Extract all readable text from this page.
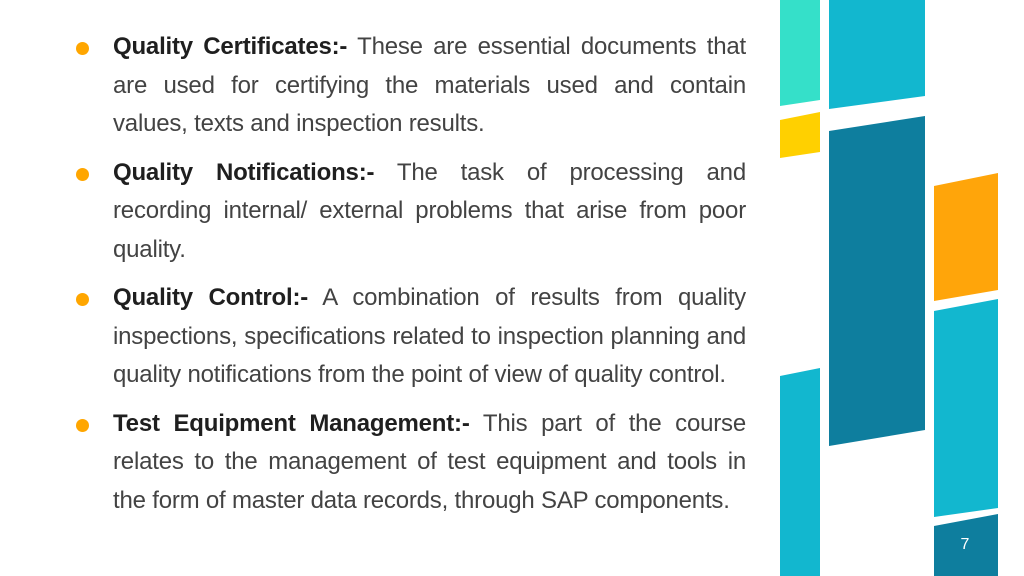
Quality Certificates:- These are essential documents that are used for certifying the materials used and contain values, texts and inspection results.
Quality Notifications:- The task of processing and recording internal/ external problems that arise from poor quality.
Quality Control:- A combination of results from quality inspections, specifications related to inspection planning and quality notifications from the point of view of quality control.
Test Equipment Management:- This part of the course relates to the management of test equipment and tools in the form of master data records, through SAP components.
7
